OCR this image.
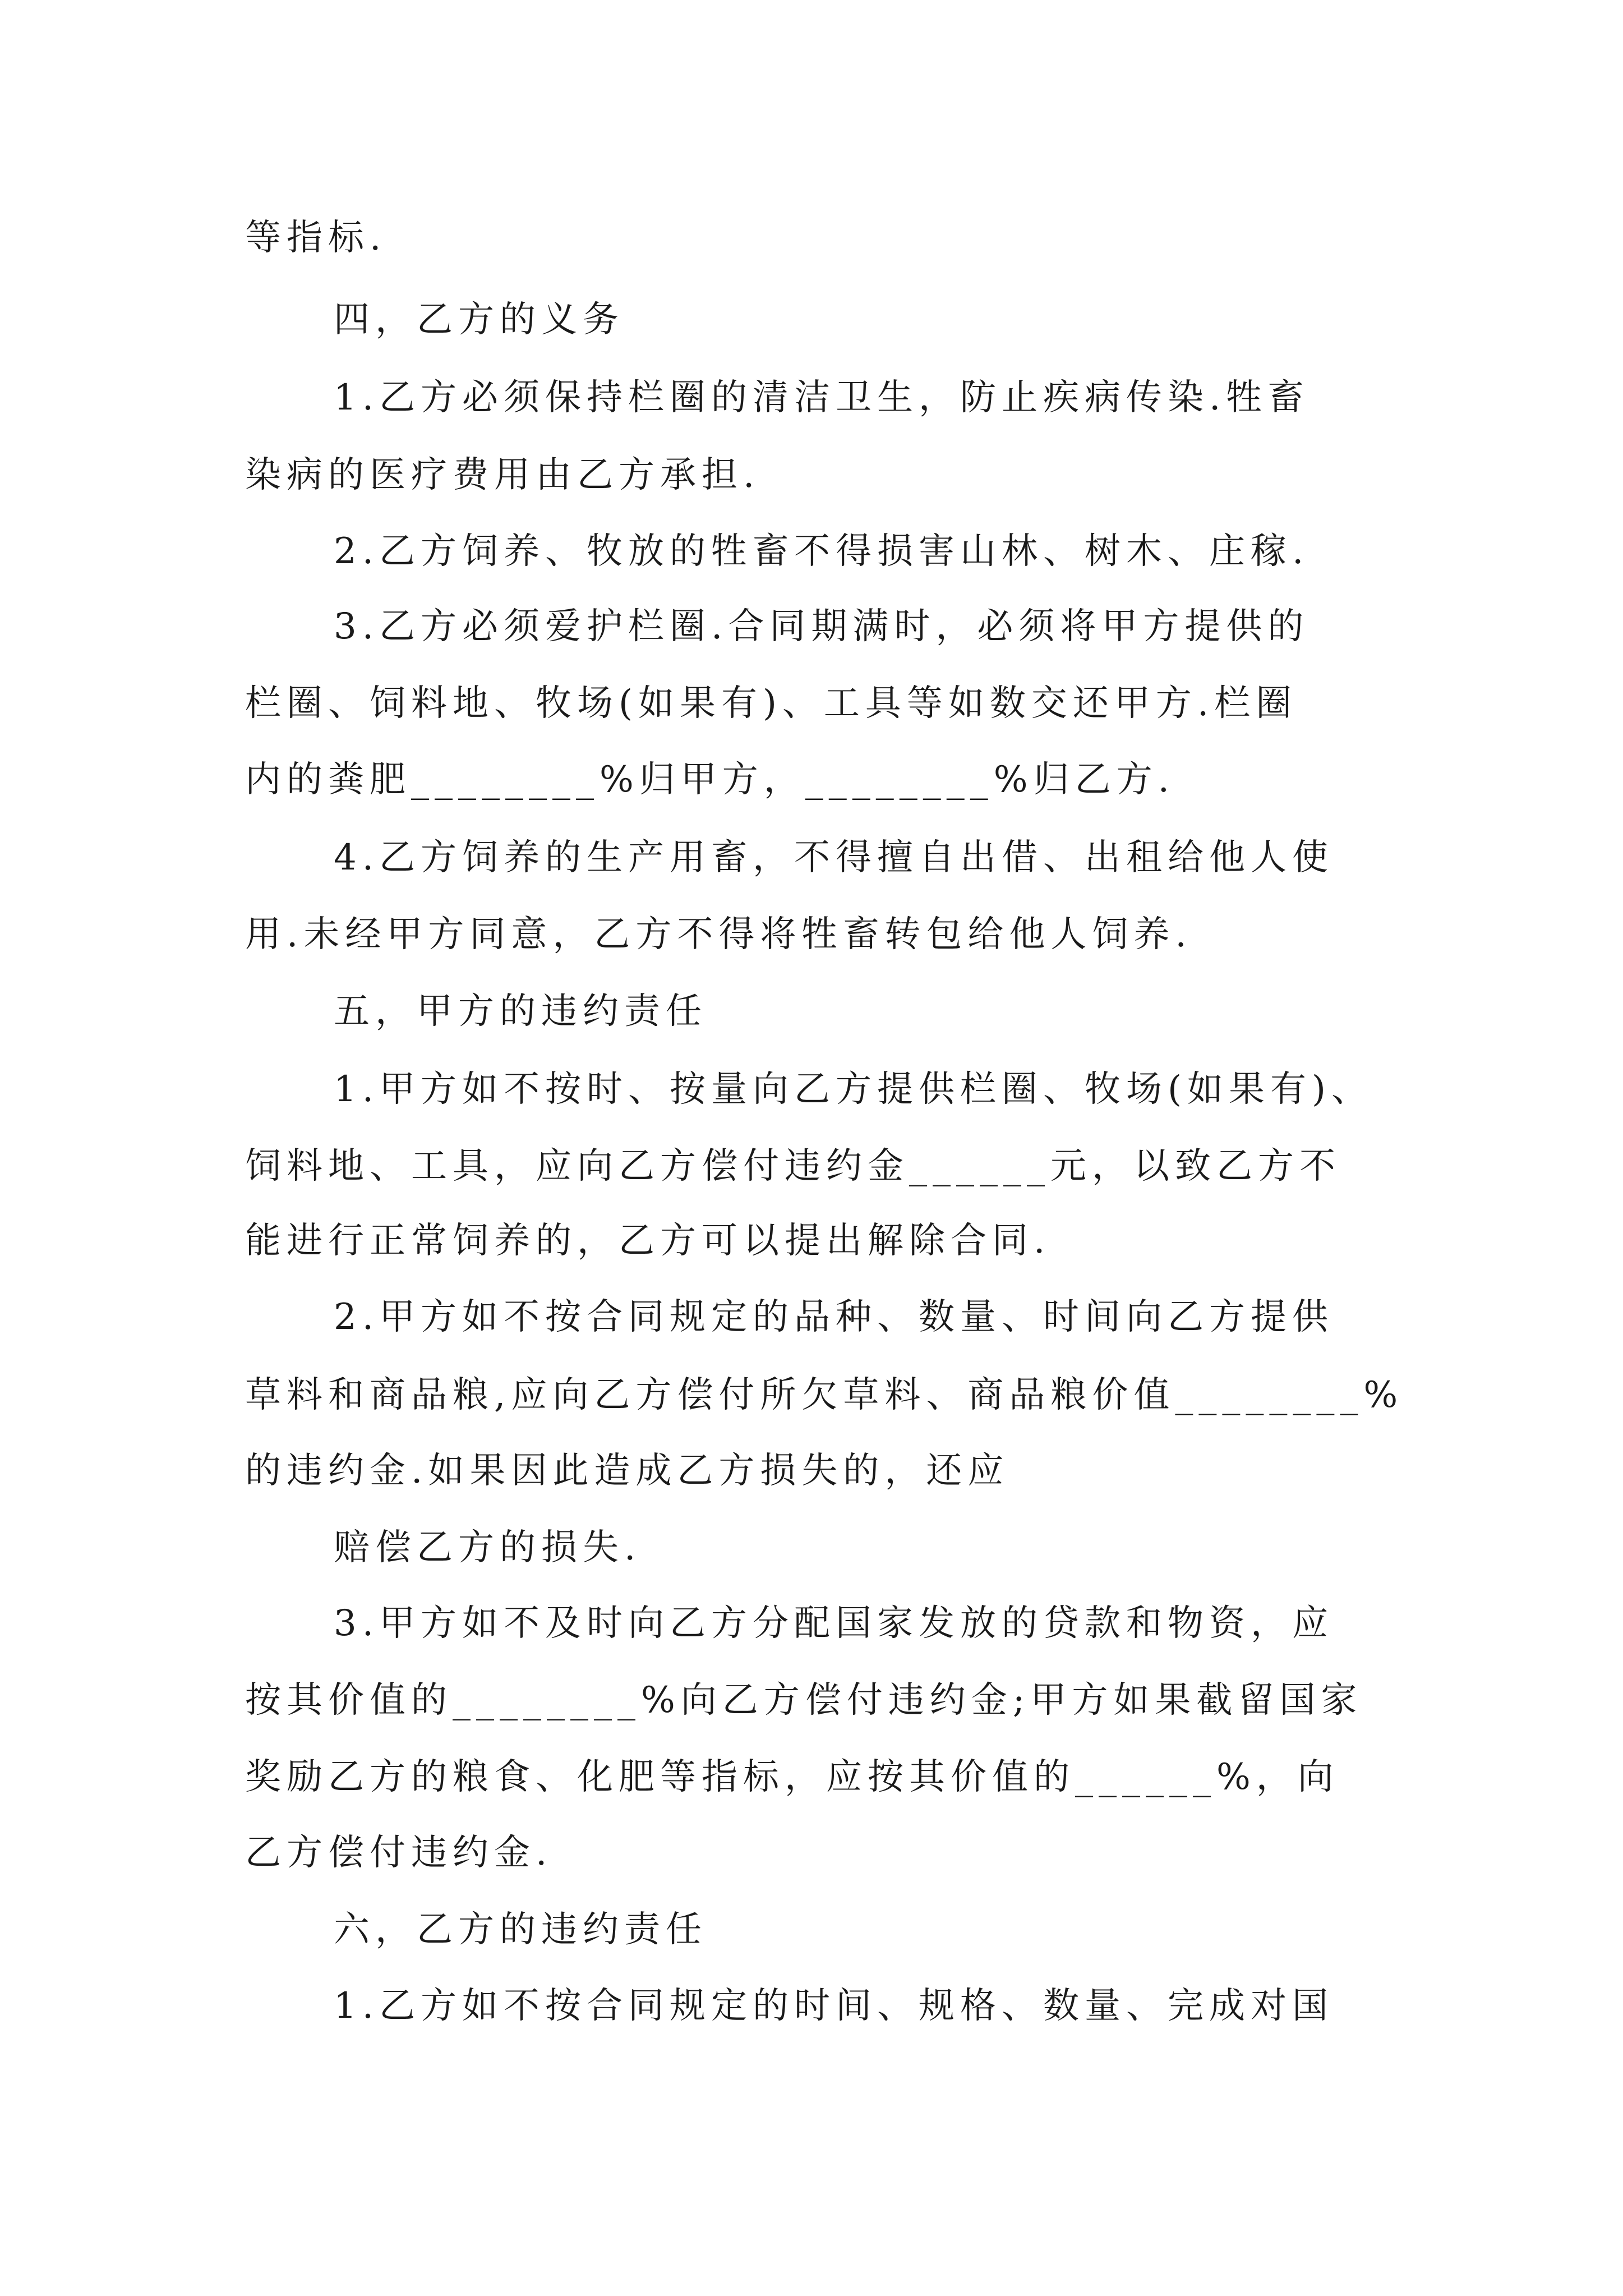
等指标.
四，乙方的义务
1.乙方必须保持栏圈的清洁卫生，防止疾病传染.牲畜
染病的医疗费用由乙方承担.
2.乙方饲养、牧放的牲畜不得损害山林、树木、庄稼.
3.乙方必须爱护栏圈.合同期满时，必须将甲方提供的
栏圈、饲料地、牧场(如果有)、工具等如数交还甲方.栏圈
内的粪肥________%归甲方，________%归乙方.
4.乙方饲养的生产用畜，不得擅自出借、出租给他人使
用.未经甲方同意，乙方不得将牲畜转包给他人饲养.
五，甲方的违约责任
1.甲方如不按时、按量向乙方提供栏圈、牧场(如果有)、
饲料地、工具，应向乙方偿付违约金______元，以致乙方不
能进行正常饲养的，乙方可以提出解除合同.
2.甲方如不按合同规定的品种、数量、时间向乙方提供
草料和商品粮,应向乙方偿付所欠草料、商品粮价值________%
的违约金.如果因此造成乙方损失的，还应
赔偿乙方的损失.
3.甲方如不及时向乙方分配国家发放的贷款和物资，应
按其价值的________%向乙方偿付违约金;甲方如果截留国家
奖励乙方的粮食、化肥等指标，应按其价值的______%，向
乙方偿付违约金.
六，乙方的违约责任
1.乙方如不按合同规定的时间、规格、数量、完成对国
